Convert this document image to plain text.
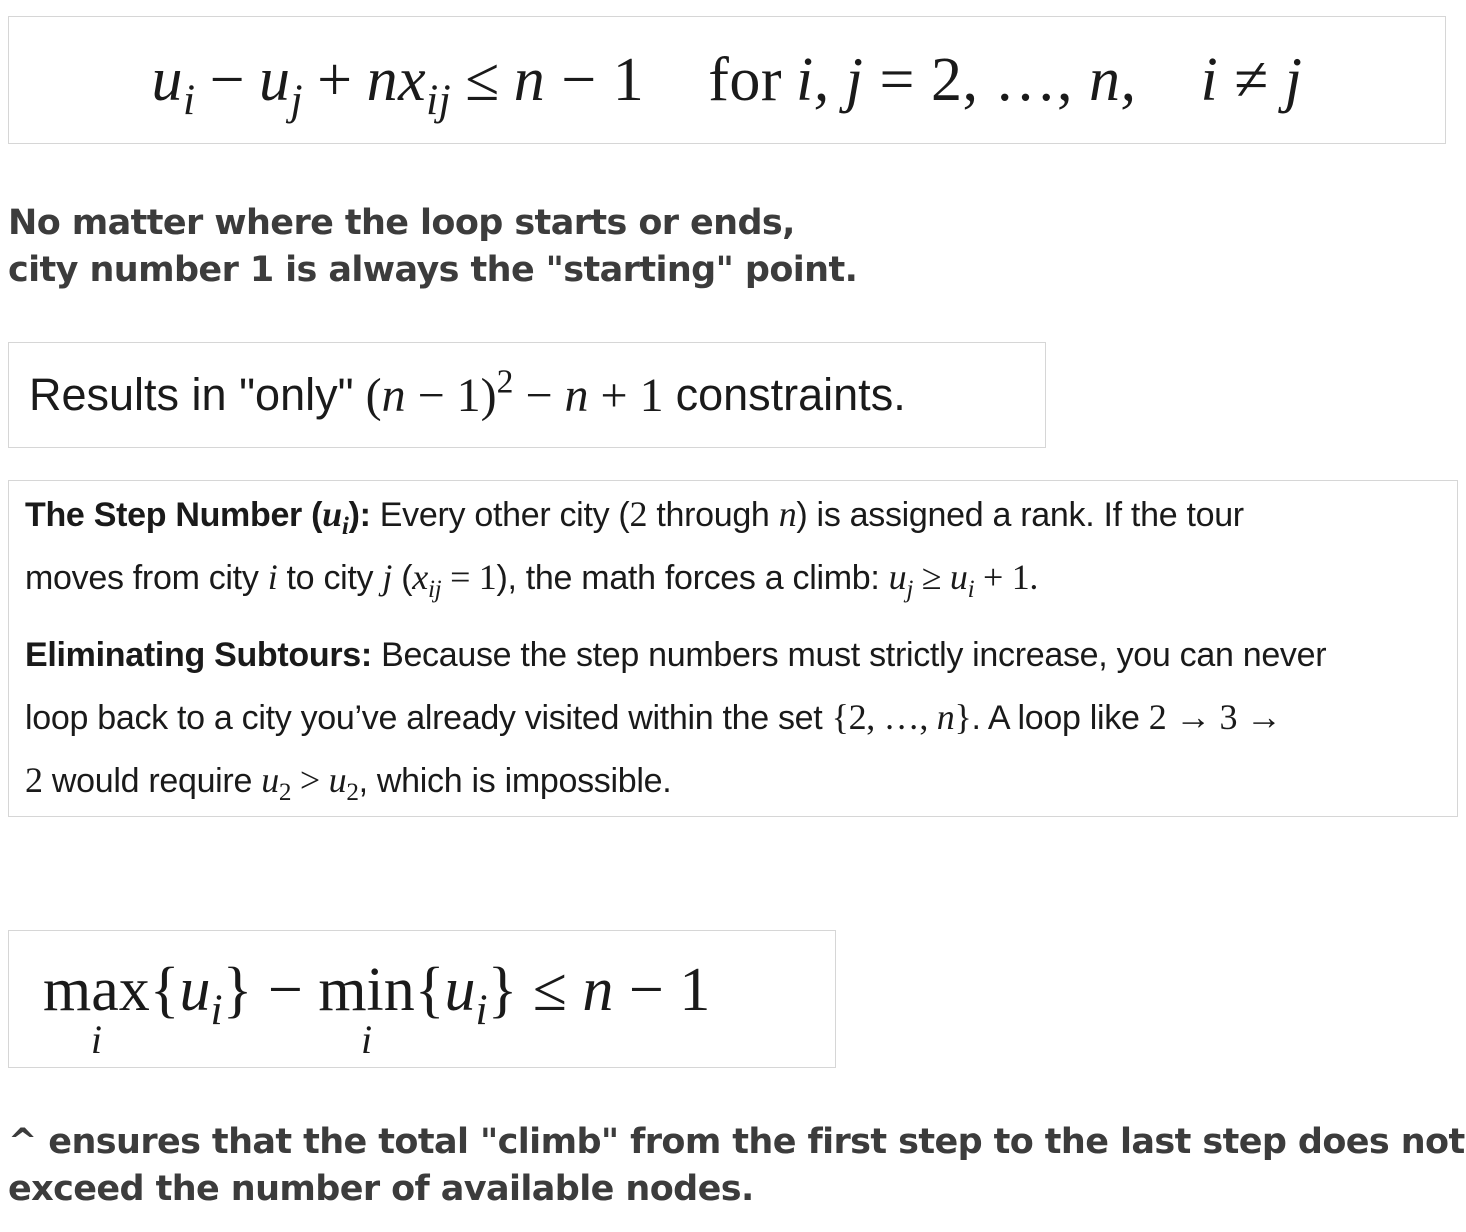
$u_i - u_j + nx_{ij} \le n - 1$ for i, j = 2, …, n, i ≠ j

No matter where the loop starts or ends,
city number 1 is always the "starting" point.

Results in "only" $(n - 1)^2 - n + 1$ constraints.

The Step Number $(u_i)$: Every other city (2 through n) is assigned a rank. If the tour
moves from city i to city j $(x_{ij} = 1)$, the math forces a climb: $u_j \ge u_i + 1$.

Eliminating Subtours: Because the step numbers must strictly increase, you can never
loop back to a city you’ve already visited within the set {2, …, n}. A loop like 2 → 3 →
2 would require $u_2 > u_2$, which is impossible.

max
i
$\{u_i\} - \min$
i
$\{u_i\} \le n - 1$

^ ensures that the total "climb" from the first step to the last step does not
exceed the number of available nodes.
